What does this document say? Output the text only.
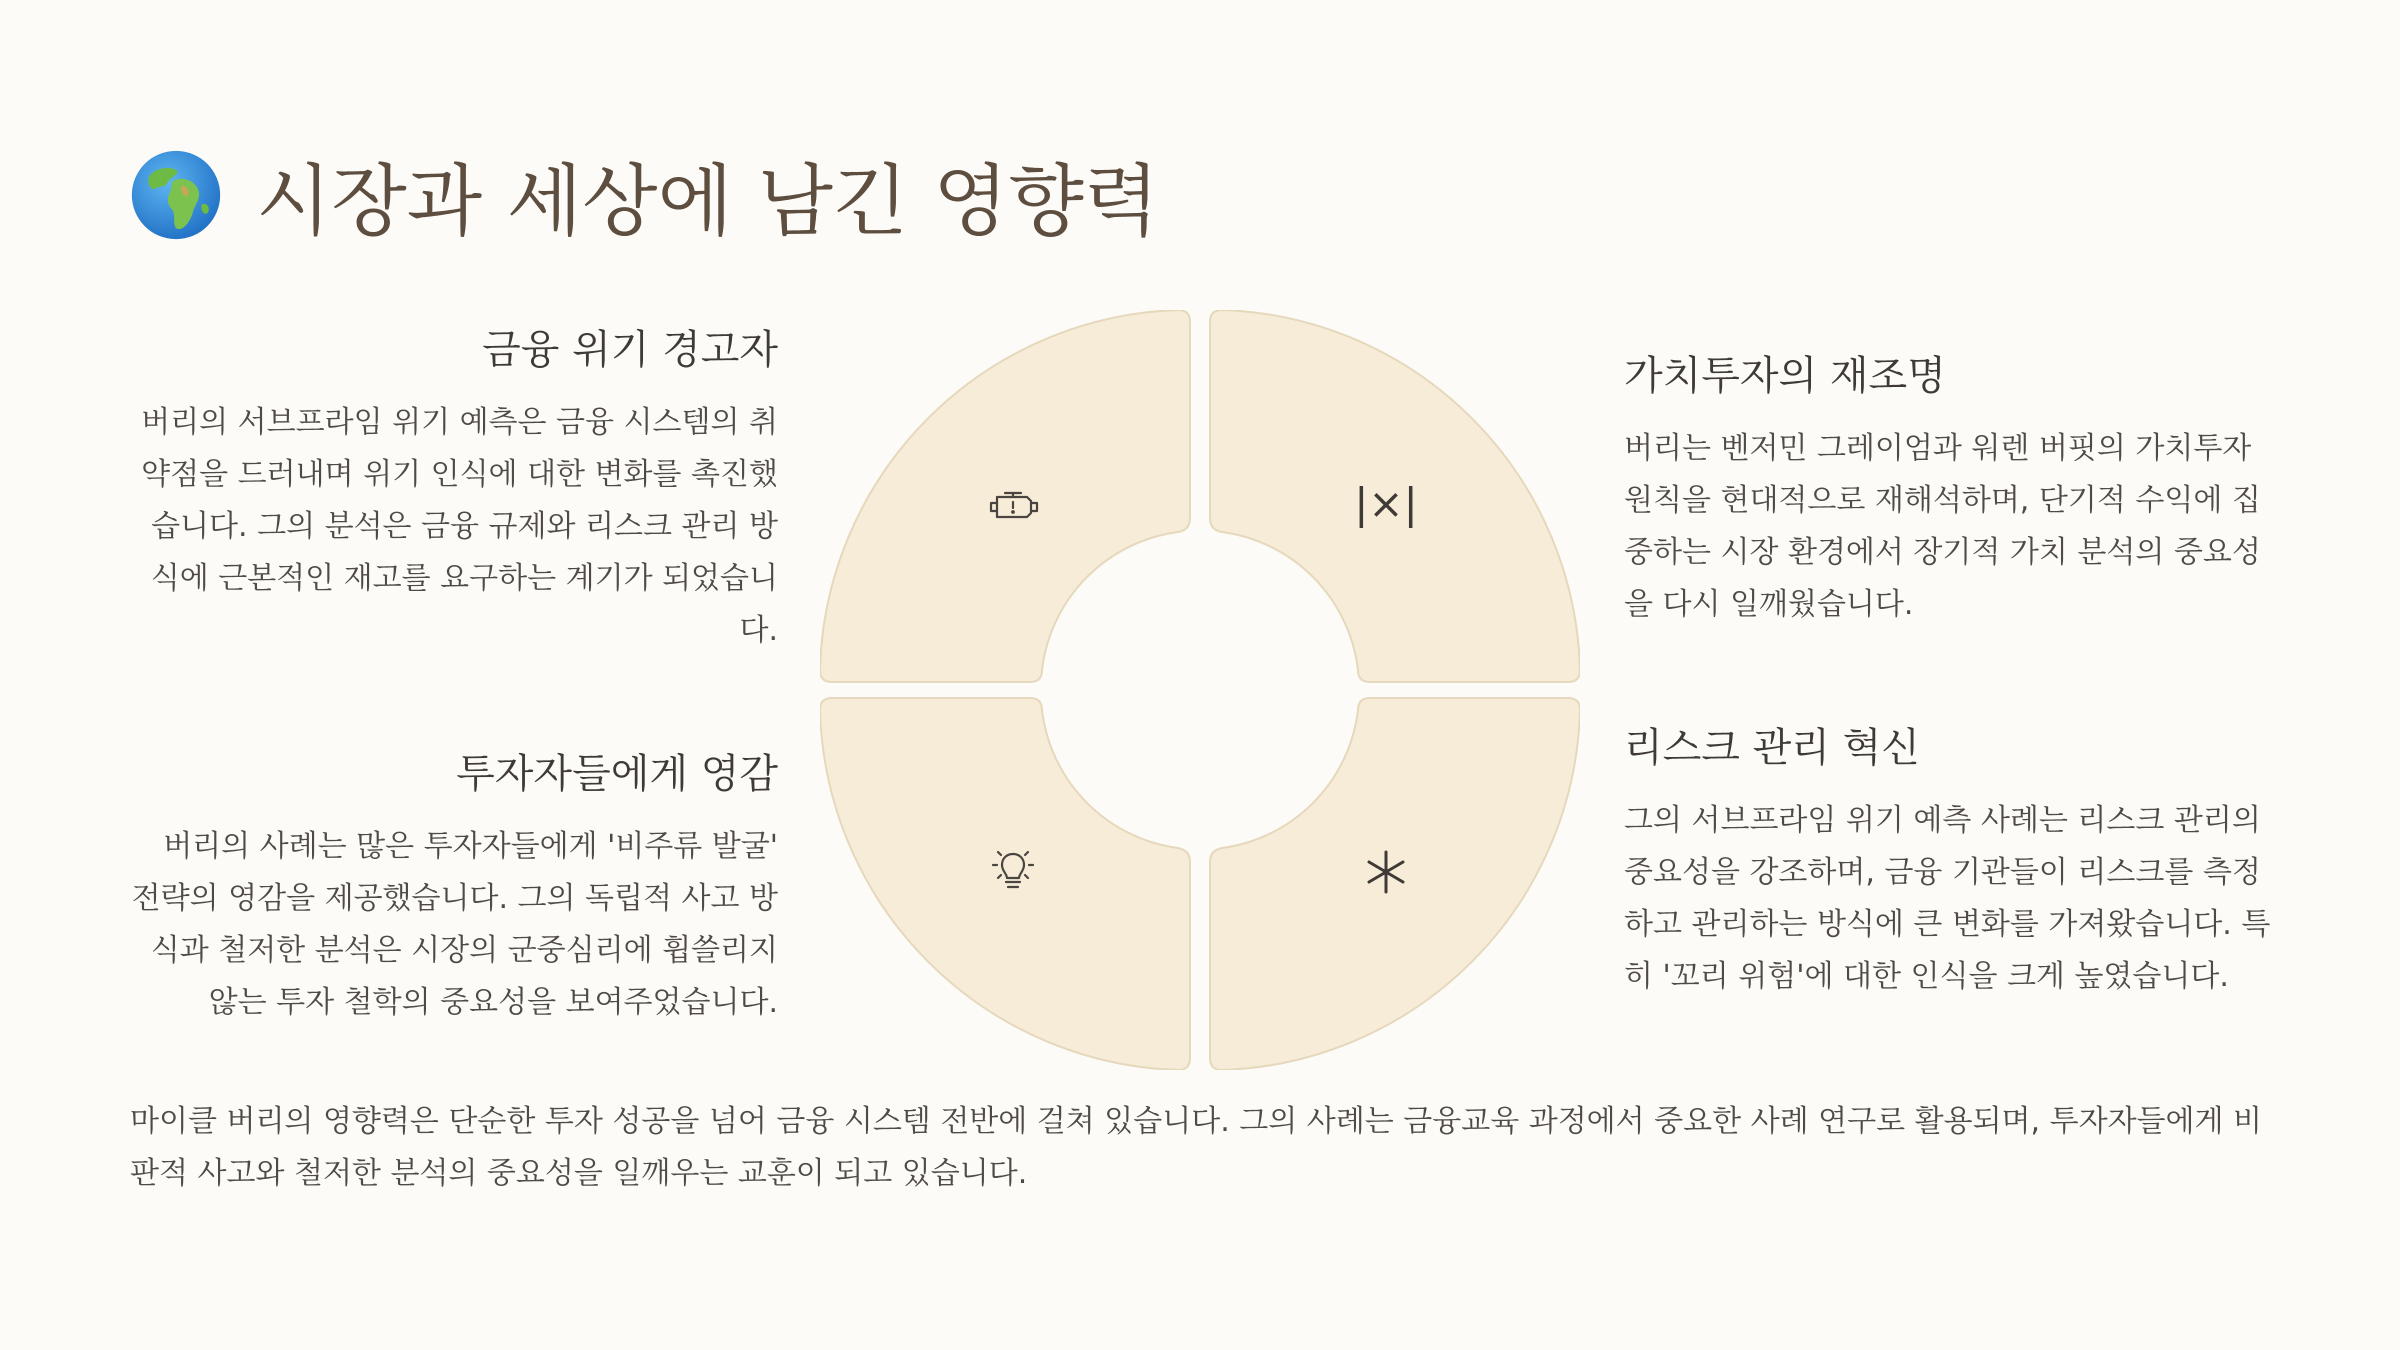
시장과 세상에 남긴 영향력
금융 위기 경고자

버리의 서브프라임 위기 예측은 금융 시스템의 취약점을 드러내며 위기 인식에 대한 변화를 촉진했습니다. 그의 분석은 금융 규제와 리스크 관리 방식에 근본적인 재고를 요구하는 계기가 되었습니다.

투자자들에게 영감

버리의 사례는 많은 투자자들에게 '비주류 발굴' 전략의 영감을 제공했습니다. 그의 독립적 사고 방식과 철저한 분석은 시장의 군중심리에 휩쓸리지 않는 투자 철학의 중요성을 보여주었습니다.

가치투자의 재조명

버리는 벤저민 그레이엄과 워렌 버핏의 가치투자 원칙을 현대적으로 재해석하며, 단기적 수익에 집중하는 시장 환경에서 장기적 가치 분석의 중요성을 다시 일깨웠습니다.

리스크 관리 혁신

그의 서브프라임 위기 예측 사례는 리스크 관리의 중요성을 강조하며, 금융 기관들이 리스크를 측정하고 관리하는 방식에 큰 변화를 가져왔습니다. 특히 '꼬리 위험'에 대한 인식을 크게 높였습니다.

|×|

마이클 버리의 영향력은 단순한 투자 성공을 넘어 금융 시스템 전반에 걸쳐 있습니다. 그의 사례는 금융교육 과정에서 중요한 사례 연구로 활용되며, 투자자들에게 비판적 사고와 철저한 분석의 중요성을 일깨우는 교훈이 되고 있습니다.
